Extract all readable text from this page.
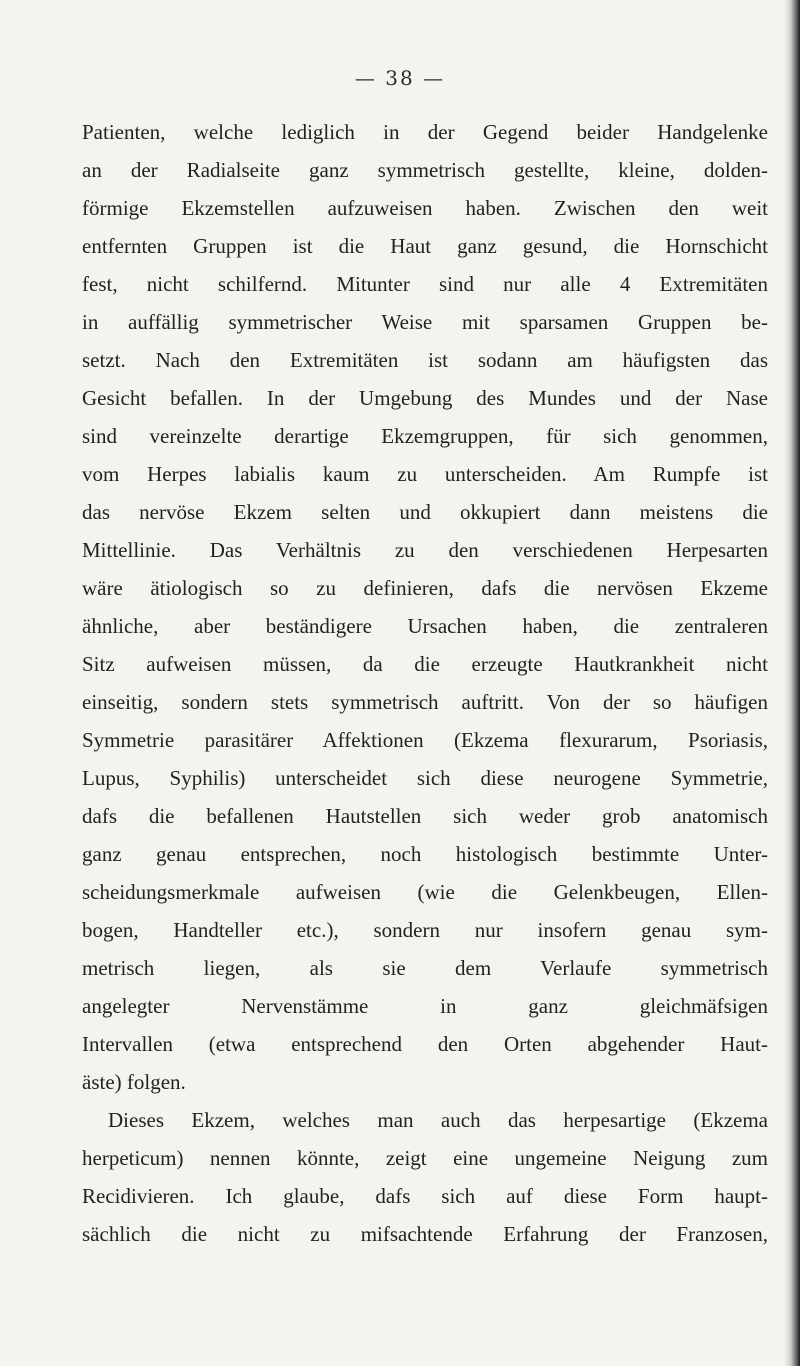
— 38 —
Patienten, welche lediglich in der Gegend beider Handgelenke
an der Radialseite ganz symmetrisch gestellte, kleine, dolden-
förmige Ekzemstellen aufzuweisen haben. Zwischen den weit
entfernten Gruppen ist die Haut ganz gesund, die Hornschicht
fest, nicht schilfernd. Mitunter sind nur alle 4 Extremitäten
in auffällig symmetrischer Weise mit sparsamen Gruppen be-
setzt. Nach den Extremitäten ist sodann am häufigsten das
Gesicht befallen. In der Umgebung des Mundes und der Nase
sind vereinzelte derartige Ekzemgruppen, für sich genommen,
vom Herpes labialis kaum zu unterscheiden. Am Rumpfe ist
das nervöse Ekzem selten und okkupiert dann meistens die
Mittellinie. Das Verhältnis zu den verschiedenen Herpesarten
wäre ätiologisch so zu definieren, dafs die nervösen Ekzeme
ähnliche, aber beständigere Ursachen haben, die zentraleren
Sitz aufweisen müssen, da die erzeugte Hautkrankheit nicht
einseitig, sondern stets symmetrisch auftritt. Von der so häufigen
Symmetrie parasitärer Affektionen (Ekzema flexurarum, Psoriasis,
Lupus, Syphilis) unterscheidet sich diese neurogene Symmetrie,
dafs die befallenen Hautstellen sich weder grob anatomisch
ganz genau entsprechen, noch histologisch bestimmte Unter-
scheidungsmerkmale aufweisen (wie die Gelenkbeugen, Ellen-
bogen, Handteller etc.), sondern nur insofern genau sym-
metrisch liegen, als sie dem Verlaufe symmetrisch
angelegter Nervenstämme in ganz gleichmäfsigen
Intervallen (etwa entsprechend den Orten abgehender Haut-
äste) folgen.
Dieses Ekzem, welches man auch das herpesartige (Ekzema
herpeticum) nennen könnte, zeigt eine ungemeine Neigung zum
Recidivieren. Ich glaube, dafs sich auf diese Form haupt-
sächlich die nicht zu mifsachtende Erfahrung der Franzosen,
